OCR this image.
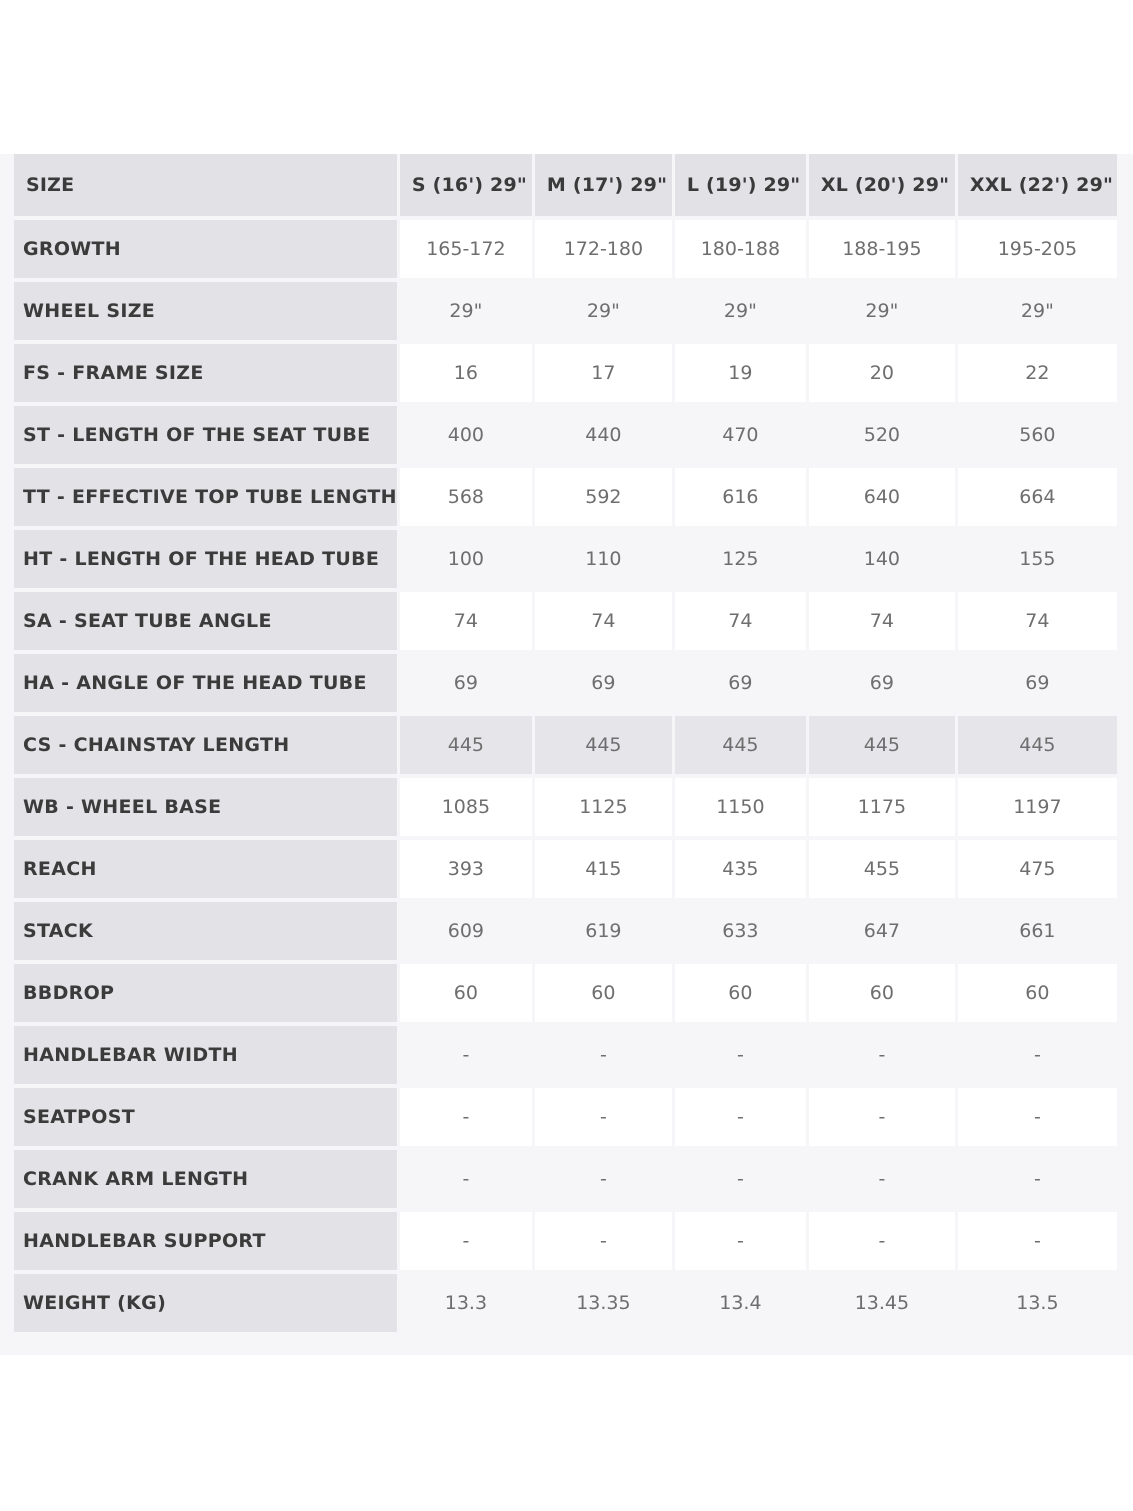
SIZE	S (16') 29"	M (17') 29"	L (19') 29"	XL (20') 29"	XXL (22') 29"
GROWTH	165-172	172-180	180-188	188-195	195-205
WHEEL SIZE	29"	29"	29"	29"	29"
FS - FRAME SIZE	16	17	19	20	22
ST - LENGTH OF THE SEAT TUBE	400	440	470	520	560
TT - EFFECTIVE TOP TUBE LENGTH	568	592	616	640	664
HT - LENGTH OF THE HEAD TUBE	100	110	125	140	155
SA - SEAT TUBE ANGLE	74	74	74	74	74
HA - ANGLE OF THE HEAD TUBE	69	69	69	69	69
CS - CHAINSTAY LENGTH	445	445	445	445	445
WB - WHEEL BASE	1085	1125	1150	1175	1197
REACH	393	415	435	455	475
STACK	609	619	633	647	661
BBDROP	60	60	60	60	60
HANDLEBAR WIDTH	-	-	-	-	-
SEATPOST	-	-	-	-	-
CRANK ARM LENGTH	-	-	-	-	-
HANDLEBAR SUPPORT	-	-	-	-	-
WEIGHT (KG)	13.3	13.35	13.4	13.45	13.5
